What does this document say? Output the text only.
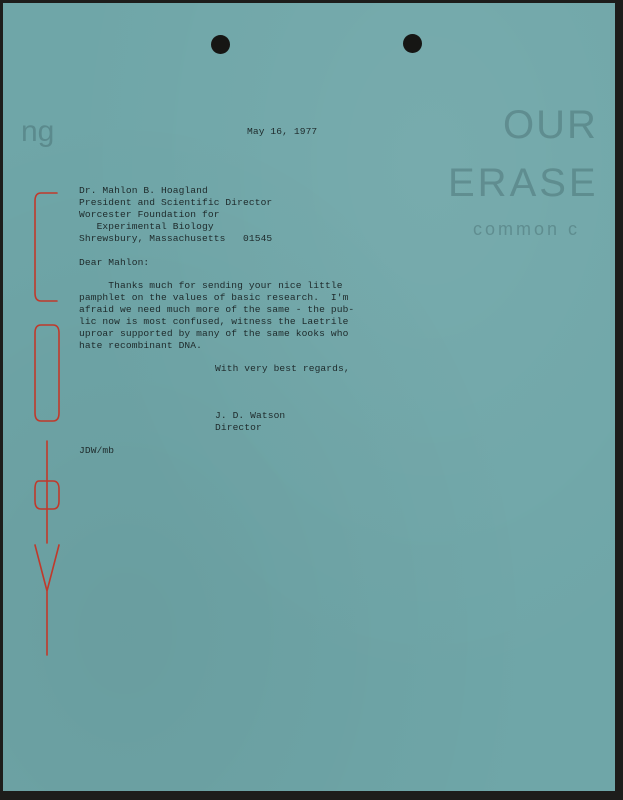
OUR
ERASE
common c
ng	May 16, 1977
Dr. Mahlon B. Hoagland
President and Scientific Director
Worcester Foundation for
Experimental Biology
Shrewsbury, Massachusetts   01545
Dear Mahlon:
Thanks much for sending your nice little
pamphlet on the values of basic research.  I'm
afraid we need much more of the same - the pub-
lic now is most confused, witness the Laetrile
uproar supported by many of the same kooks who
hate recombinant DNA.
With very best regards,
J. D. Watson
Director
JDW/mb
